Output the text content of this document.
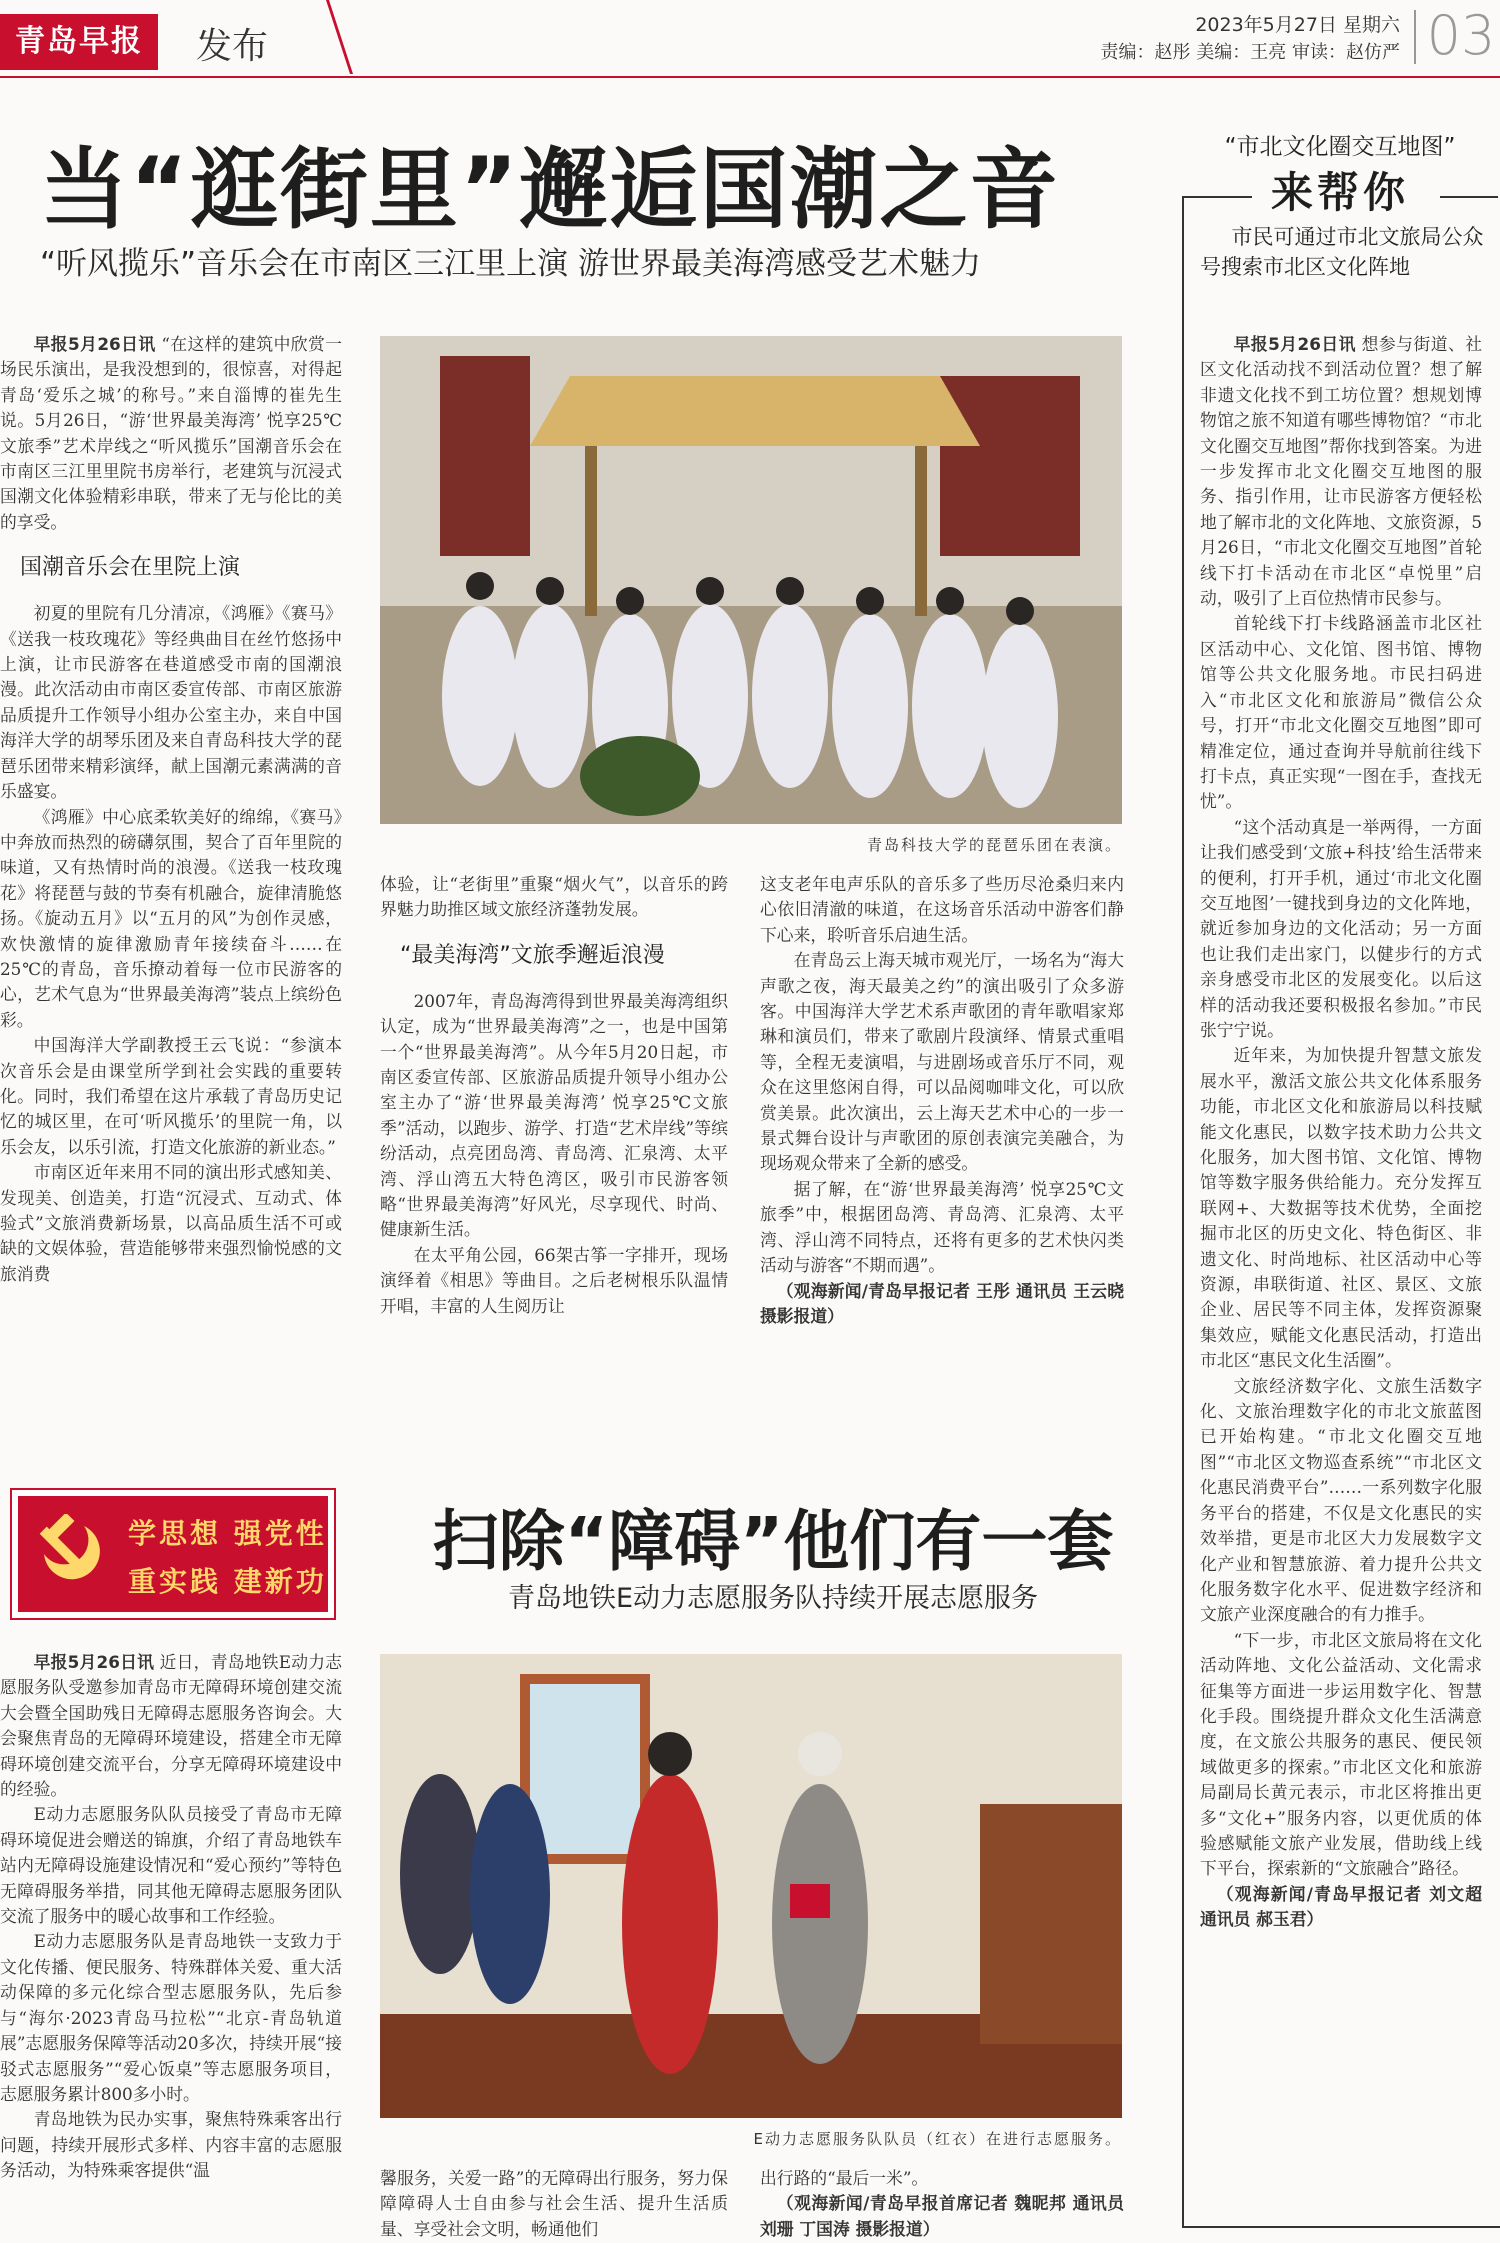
青岛早报	发布
2023年5月27日 星期六
责编：赵彤 美编：王亮 审读：赵仿严 03
当“逛街里”邂逅国潮之音
“听风揽乐”音乐会在市南区三江里上演 游世界最美海湾感受艺术魅力

早报5月26日讯 “在这样的建筑中欣赏一场民乐演出，是我没想到的，很惊喜，对得起青岛‘爱乐之城’的称号。”来自淄博的崔先生说。5月26日，“游‘世界最美海湾’ 悦享25℃文旅季”艺术岸线之“听风揽乐”国潮音乐会在市南区三江里里院书房举行，老建筑与沉浸式国潮文化体验精彩串联，带来了无与伦比的美的享受。

国潮音乐会在里院上演

初夏的里院有几分清凉，《鸿雁》《赛马》《送我一枝玫瑰花》等经典曲目在丝竹悠扬中上演，让市民游客在巷道感受市南的国潮浪漫。此次活动由市南区委宣传部、市南区旅游品质提升工作领导小组办公室主办，来自中国海洋大学的胡琴乐团及来自青岛科技大学的琵琶乐团带来精彩演绎，献上国潮元素满满的音乐盛宴。

《鸿雁》中心底柔软美好的绵绵，《赛马》中奔放而热烈的磅礴氛围，契合了百年里院的味道，又有热情时尚的浪漫。《送我一枝玫瑰花》将琵琶与鼓的节奏有机融合，旋律清脆悠扬。《旋动五月》以“五月的风”为创作灵感，欢快激情的旋律激励青年接续奋斗……在25℃的青岛，音乐撩动着每一位市民游客的心，艺术气息为“世界最美海湾”装点上缤纷色彩。

中国海洋大学副教授王云飞说：“参演本次音乐会是由课堂所学到社会实践的重要转化。同时，我们希望在这片承载了青岛历史记忆的城区里，在可‘听风揽乐’的里院一角，以乐会友，以乐引流，打造文化旅游的新业态。”

市南区近年来用不同的演出形式感知美、发现美、创造美，打造“沉浸式、互动式、体验式”文旅消费新场景，以高品质生活不可或缺的文娱体验，营造能够带来强烈愉悦感的文旅消费

青岛科技大学的琵琶乐团在表演。

体验，让“老街里”重聚“烟火气”，以音乐的跨界魅力助推区域文旅经济蓬勃发展。

“最美海湾”文旅季邂逅浪漫

2007年，青岛海湾得到世界最美海湾组织认定，成为“世界最美海湾”之一，也是中国第一个“世界最美海湾”。从今年5月20日起，市南区委宣传部、区旅游品质提升领导小组办公室主办了“游‘世界最美海湾’ 悦享25℃文旅季”活动，以跑步、游学、打造“艺术岸线”等缤纷活动，点亮团岛湾、青岛湾、汇泉湾、太平湾、浮山湾五大特色湾区，吸引市民游客领略“世界最美海湾”好风光，尽享现代、时尚、健康新生活。

在太平角公园，66架古筝一字排开，现场演绎着《相思》等曲目。之后老树根乐队温情开唱，丰富的人生阅历让

这支老年电声乐队的音乐多了些历尽沧桑归来内心依旧清澈的味道，在这场音乐活动中游客们静下心来，聆听音乐启迪生活。

在青岛云上海天城市观光厅，一场名为“海大声歌之夜，海天最美之约”的演出吸引了众多游客。中国海洋大学艺术系声歌团的青年歌唱家郑琳和演员们，带来了歌剧片段演绎、情景式重唱等，全程无麦演唱，与进剧场或音乐厅不同，观众在这里悠闲自得，可以品阅咖啡文化，可以欣赏美景。此次演出，云上海天艺术中心的一步一景式舞台设计与声歌团的原创表演完美融合，为现场观众带来了全新的感受。

据了解，在“游‘世界最美海湾’ 悦享25℃文旅季”中，根据团岛湾、青岛湾、汇泉湾、太平湾、浮山湾不同特点，还将有更多的艺术快闪类活动与游客“不期而遇”。

（观海新闻/青岛早报记者 王彤 通讯员 王云晓 摄影报道）

学思想 强党性
重实践 建新功
扫除“障碍”他们有一套
青岛地铁E动力志愿服务队持续开展志愿服务

早报5月26日讯 近日，青岛地铁E动力志愿服务队受邀参加青岛市无障碍环境创建交流大会暨全国助残日无障碍志愿服务咨询会。大会聚焦青岛的无障碍环境建设，搭建全市无障碍环境创建交流平台，分享无障碍环境建设中的经验。

E动力志愿服务队队员接受了青岛市无障碍环境促进会赠送的锦旗，介绍了青岛地铁车站内无障碍设施建设情况和“爱心预约”等特色无障碍服务举措，同其他无障碍志愿服务团队交流了服务中的暖心故事和工作经验。

E动力志愿服务队是青岛地铁一支致力于文化传播、便民服务、特殊群体关爱、重大活动保障的多元化综合型志愿服务队，先后参与“海尔·2023青岛马拉松”“北京-青岛轨道展”志愿服务保障等活动20多次，持续开展“接驳式志愿服务”“爱心饭桌”等志愿服务项目，志愿服务累计800多小时。

青岛地铁为民办实事，聚焦特殊乘客出行问题，持续开展形式多样、内容丰富的志愿服务活动，为特殊乘客提供“温

E动力志愿服务队队员（红衣）在进行志愿服务。

馨服务，关爱一路”的无障碍出行服务，努力保障障碍人士自由参与社会生活、提升生活质量、享受社会文明，畅通他们

出行路的“最后一米”。

（观海新闻/青岛早报首席记者 魏昵邦 通讯员 刘珊 丁国涛 摄影报道）

“市北文化圈交互地图”
来帮你
市民可通过市北文旅局公众号搜索市北区文化阵地

早报5月26日讯 想参与街道、社区文化活动找不到活动位置？想了解非遗文化找不到工坊位置？想规划博物馆之旅不知道有哪些博物馆？“市北文化圈交互地图”帮你找到答案。为进一步发挥市北文化圈交互地图的服务、指引作用，让市民游客方便轻松地了解市北的文化阵地、文旅资源，5月26日，“市北文化圈交互地图”首轮线下打卡活动在市北区“卓悦里”启动，吸引了上百位热情市民参与。

首轮线下打卡线路涵盖市北区社区活动中心、文化馆、图书馆、博物馆等公共文化服务地。市民扫码进入“市北区文化和旅游局”微信公众号，打开“市北文化圈交互地图”即可精准定位，通过查询并导航前往线下打卡点，真正实现“一图在手，查找无忧”。

“这个活动真是一举两得，一方面让我们感受到‘文旅+科技’给生活带来的便利，打开手机，通过‘市北文化圈交互地图’一键找到身边的文化阵地，就近参加身边的文化活动；另一方面也让我们走出家门，以健步行的方式亲身感受市北区的发展变化。以后这样的活动我还要积极报名参加。”市民张宁宁说。

近年来，为加快提升智慧文旅发展水平，激活文旅公共文化体系服务功能，市北区文化和旅游局以科技赋能文化惠民，以数字技术助力公共文化服务，加大图书馆、文化馆、博物馆等数字服务供给能力。充分发挥互联网+、大数据等技术优势，全面挖掘市北区的历史文化、特色街区、非遗文化、时尚地标、社区活动中心等资源，串联街道、社区、景区、文旅企业、居民等不同主体，发挥资源聚集效应，赋能文化惠民活动，打造出市北区“惠民文化生活圈”。

文旅经济数字化、文旅生活数字化、文旅治理数字化的市北文旅蓝图已开始构建。“市北文化圈交互地图”“市北区文物巡查系统”“市北区文化惠民消费平台”……一系列数字化服务平台的搭建，不仅是文化惠民的实效举措，更是市北区大力发展数字文化产业和智慧旅游、着力提升公共文化服务数字化水平、促进数字经济和文旅产业深度融合的有力推手。

“下一步，市北区文旅局将在文化活动阵地、文化公益活动、文化需求征集等方面进一步运用数字化、智慧化手段。围绕提升群众文化生活满意度，在文旅公共服务的惠民、便民领域做更多的探索。”市北区文化和旅游局副局长黄元表示，市北区将推出更多“文化+”服务内容，以更优质的体验感赋能文旅产业发展，借助线上线下平台，探索新的“文旅融合”路径。

（观海新闻/青岛早报记者 刘文超 通讯员 郝玉君）
